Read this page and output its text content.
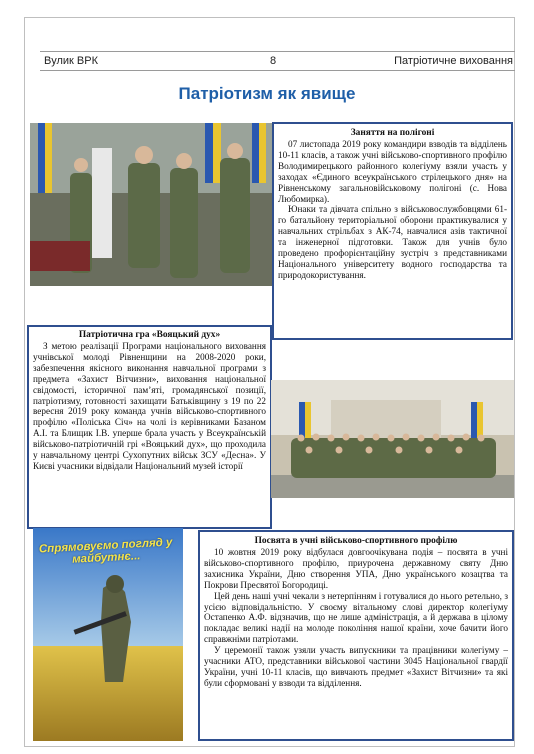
Вулик ВРК	8	Патріотичне виховання
Патріотизм як явище
Заняття на полігоні

07 листопада 2019 року командири взводів та відділень 10-11 класів, а також учні військово-спортивного профілю Володимирецького районного колегіуму взяли участь у заходах «Єдиного всеукраїнського стрілецького дня» на Рівненському загальновійськовому полігоні (с. Нова Любомирка).

Юнаки та дівчата спільно з військовослужбовцями 61-го батальйону територіальної оборони практикувалися у навчальних стрільбах з АК-74, навчалися азів тактичної та інженерної підготовки. Також для учнів було проведено профорієнтаційну зустріч з представниками Національного університету водного господарства та природокористування.

Патріотична гра «Вояцький дух»

З метою реалізації Програми національного виховання учнівської молоді Рівненщини на 2008-2020 роки, забезпечення якісного виконання навчальної програми з предмета «Захист Вітчизни», виховання національної свідомості, історичної пам’яті, громадянської позиції, патріотизму, готовності захищати Батьківщину з 19 по 22 вересня 2019 року команда учнів військово-спортивного профілю «Поліська Січ» на чолі із керівниками Базаном А.І. та Блищик І.В. уперше брала участь у Всеукраїнській військово-патріотичній грі «Вояцький дух», що проходила у навчальному центрі Сухопутних військ ЗСУ «Десна». У Києві учасники відвідали Національний музей історії

Спрямовуємо погляд у майбутнє...
Посвята в учні військово-спортивного профілю

10 жовтня 2019 року відбулася довгоочікувана подія – посвята в учні військово-спортивного профілю, приурочена державному святу Дню захисника України, Дню створення УПА, Дню українського козацтва та Покрови Пресвятої Богородиці.

Цей день наші учні чекали з нетерпінням і готувалися до нього ретельно, з усією відповідальністю. У своєму вітальному слові директор колегіуму Остапенко А.Ф. відзначив, що не лише адміністрація, а й держава в цілому покладає великі надії на молоде покоління нашої країни, хоче бачити його справжніми патріотами.

У церемонії також узяли участь випускники та працівники колегіуму – учасники АТО, представники військової частини 3045 Національної гвардії України, учні 10-11 класів, що вивчають предмет «Захист Вітчизни» та які були сформовані у взводи та відділення.
